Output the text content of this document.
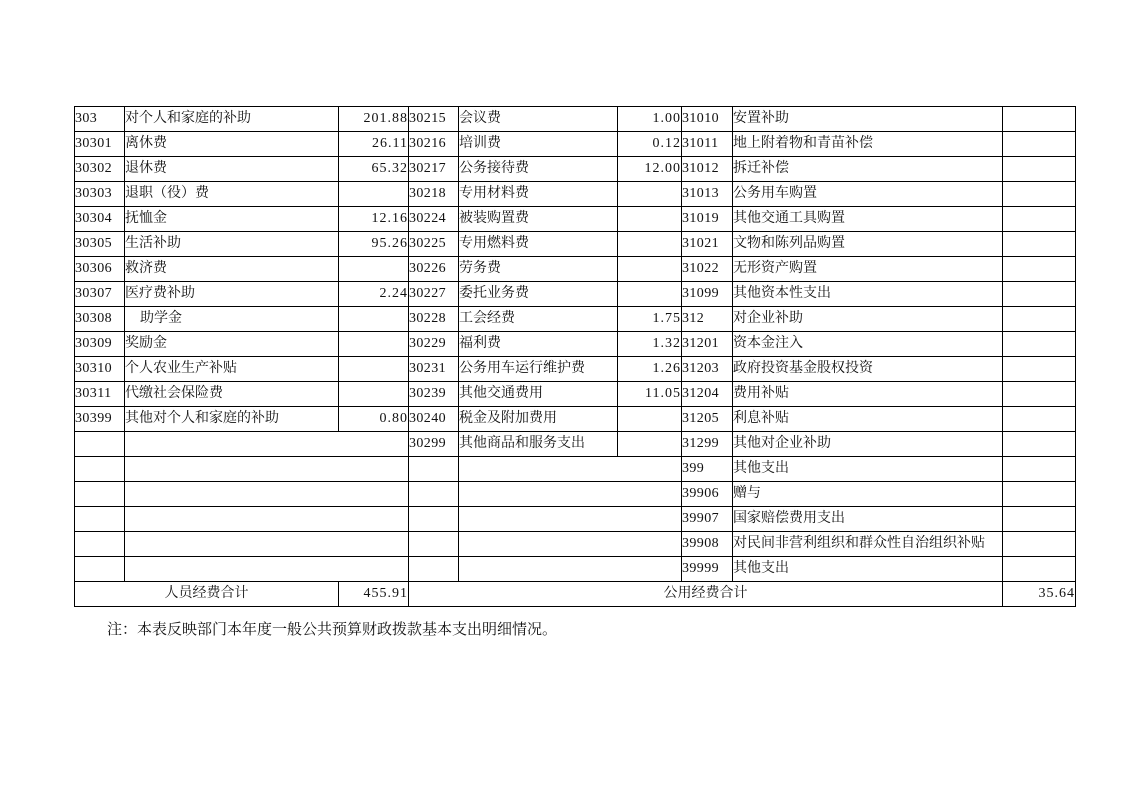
303	对个人和家庭的补助	201.88	30215	会议费	1.00	31010	安置补助	
30301	离休费	26.11	30216	培训费	0.12	31011	地上附着物和青苗补偿	
30302	退休费	65.32	30217	公务接待费	12.00	31012	拆迁补偿	
30303	退职（役）费		30218	专用材料费		31013	公务用车购置	
30304	抚恤金	12.16	30224	被装购置费		31019	其他交通工具购置	
30305	生活补助	95.26	30225	专用燃料费		31021	文物和陈列品购置	
30306	救济费		30226	劳务费		31022	无形资产购置	
30307	医疗费补助	2.24	30227	委托业务费		31099	其他资本性支出	
30308	助学金		30228	工会经费	1.75	312	对企业补助	
30309	奖励金		30229	福利费	1.32	31201	资本金注入	
30310	个人农业生产补贴		30231	公务用车运行维护费	1.26	31203	政府投资基金股权投资	
30311	代缴社会保险费		30239	其他交通费用	11.05	31204	费用补贴	
30399	其他对个人和家庭的补助	0.80	30240	税金及附加费用		31205	利息补贴	
			30299	其他商品和服务支出		31299	其他对企业补助	
						399	其他支出	
						39906	赠与	
						39907	国家赔偿费用支出	
						39908	对民间非营利组织和群众性自治组织补贴	
						39999	其他支出	
人员经费合计		455.91	公用经费合计					35.64
注：本表反映部门本年度一般公共预算财政拨款基本支出明细情况。
